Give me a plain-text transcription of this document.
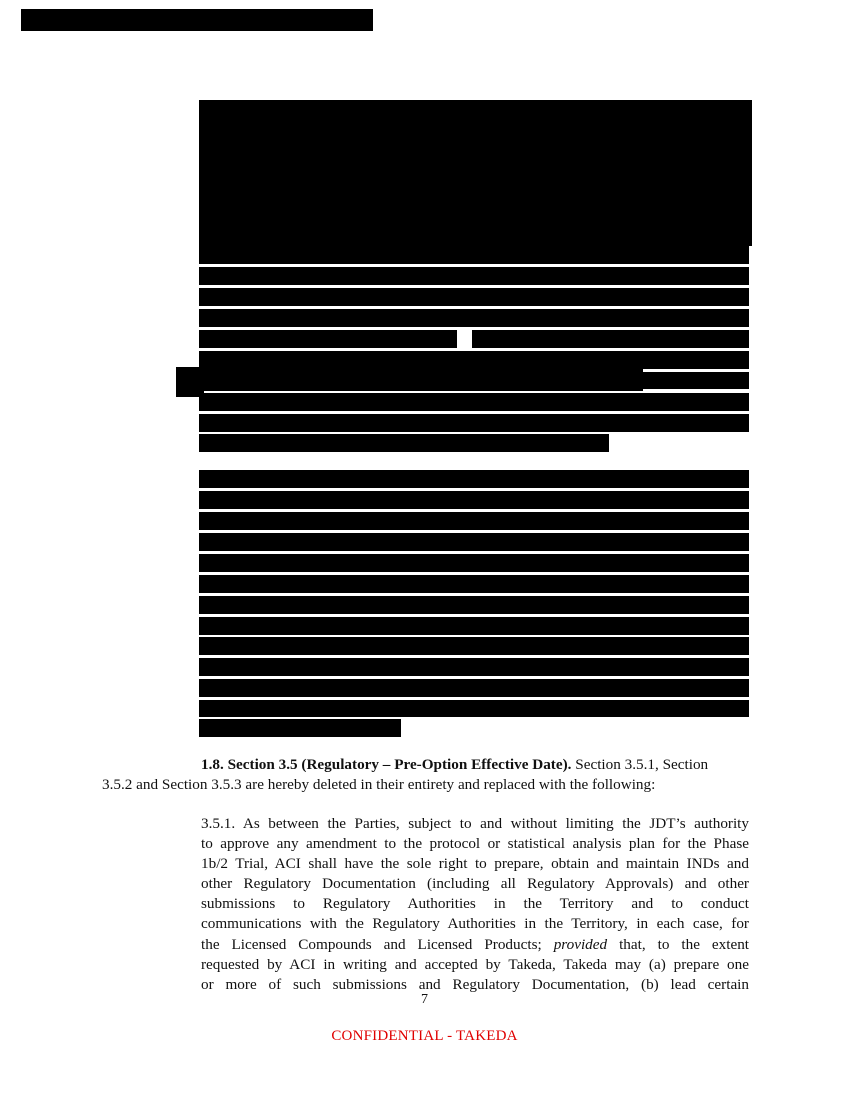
1.8. Section 3.5 (Regulatory – Pre-Option Effective Date). Section 3.5.1, Section
3.5.2 and Section 3.5.3 are hereby deleted in their entirety and replaced with the following:
3.5.1. As between the Parties, subject to and without limiting the JDT’s authority
to approve any amendment to the protocol or statistical analysis plan for the Phase
1b/2 Trial, ACI shall have the sole right to prepare, obtain and maintain INDs and
other Regulatory Documentation (including all Regulatory Approvals) and other
submissions to Regulatory Authorities in the Territory and to conduct
communications with the Regulatory Authorities in the Territory, in each case, for
the Licensed Compounds and Licensed Products; provided that, to the extent
requested by ACI in writing and accepted by Takeda, Takeda may (a) prepare one
or more of such submissions and Regulatory Documentation, (b) lead certain
7
CONFIDENTIAL - TAKEDA
